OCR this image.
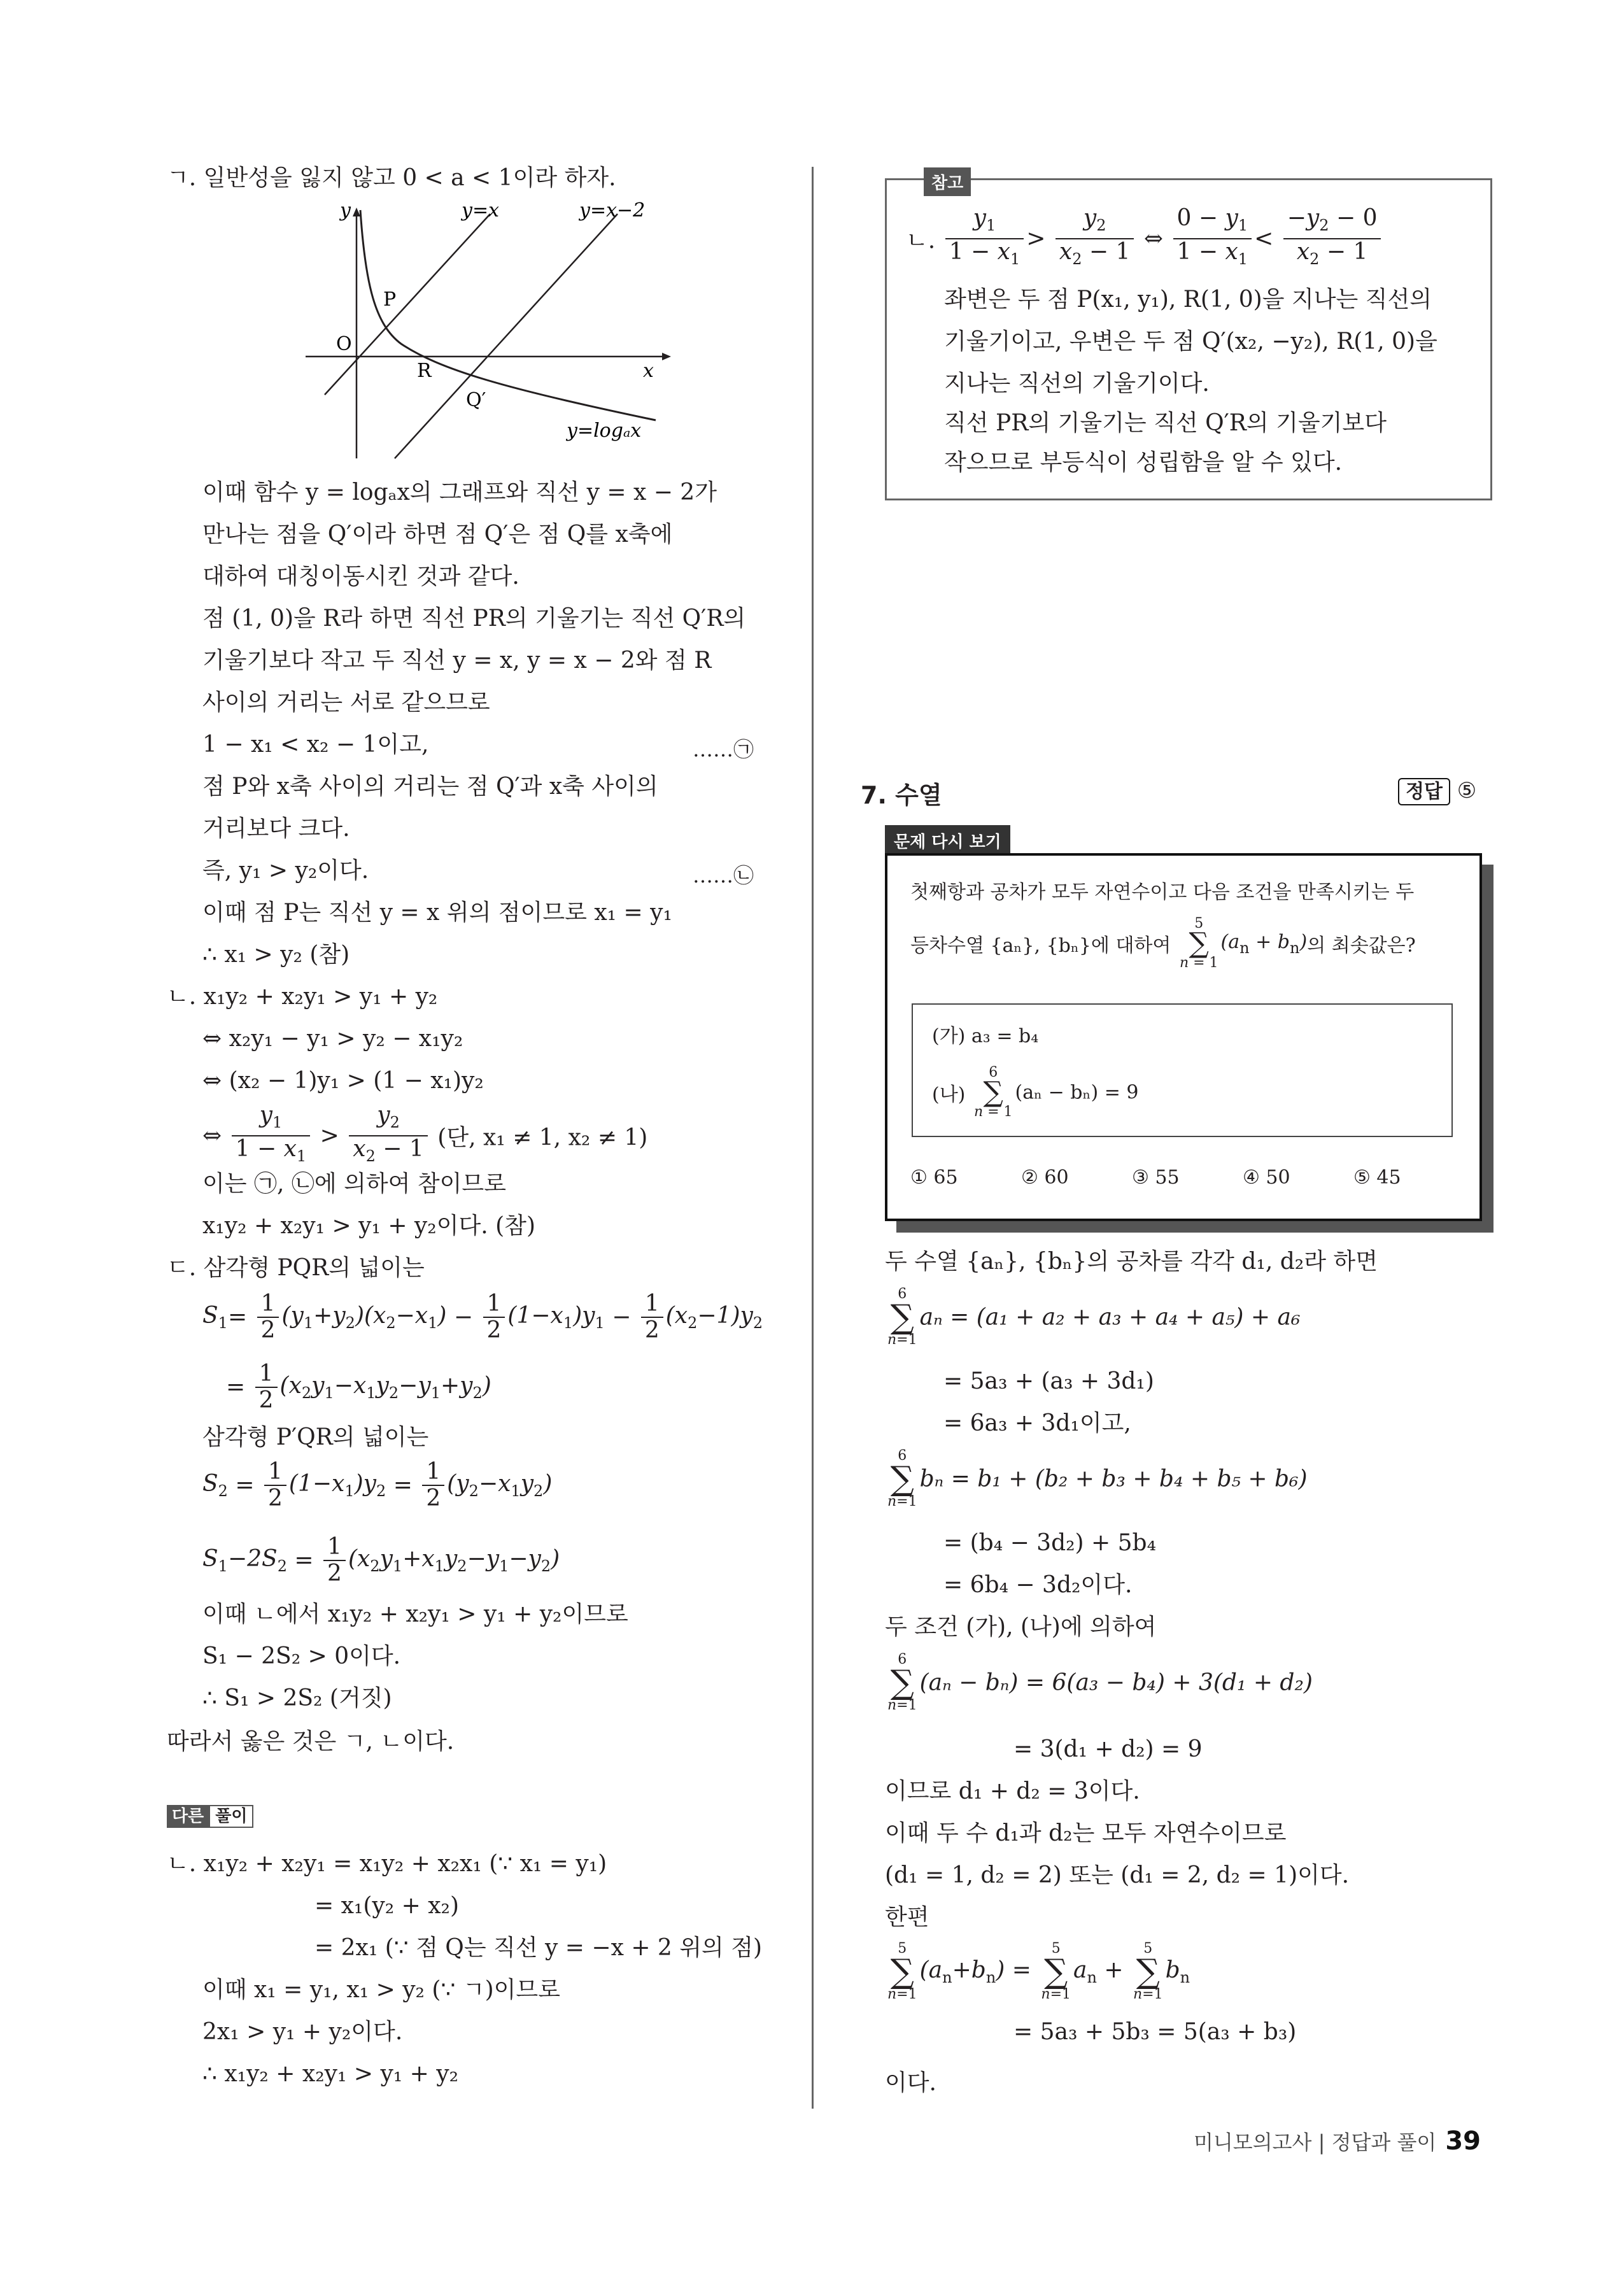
ㄱ. 일반성을 잃지 않고 0 < a < 1이라 하자.
y
x
O
y=x	y=x−2
P
R
Q′
y=logₐx
이때 함수 y = logₐx의 그래프와 직선 y = x − 2가
만나는 점을 Q′이라 하면 점 Q′은 점 Q를 x축에
대하여 대칭이동시킨 것과 같다.
점 (1, 0)을 R라 하면 직선 PR의 기울기는 직선 Q′R의
기울기보다 작고 두 직선 y = x, y = x − 2와 점 R
사이의 거리는 서로 같으므로
1 − x₁ < x₂ − 1이고,	……㉠
점 P와 x축 사이의 거리는 점 Q′과 x축 사이의
거리보다 크다.
즉, y₁ > y₂이다.	……㉡
이때 점 P는 직선 y = x 위의 점이므로 x₁ = y₁
∴ x₁ > y₂ (참)
ㄴ. x₁y₂ + x₂y₁ > y₁ + y₂
⇔ x₂y₁ − y₁ > y₂ − x₁y₂
⇔ (x₂ − 1)y₁ > (1 − x₁)y₂
⇔ $\frac{y_1}{1 - x_1} > \frac{y_2}{x_2 - 1}$ (단, x₁ ≠ 1, x₂ ≠ 1)
이는 ㉠, ㉡에 의하여 참이므로
x₁y₂ + x₂y₁ > y₁ + y₂이다. (참)
ㄷ. 삼각형 PQR의 넓이는
$S_1= \frac{1}{2} (y_1+y_2)(x_2-x_1) - \frac{1}{2} (1-x_1)y_1 - \frac{1}{2} (x_2-1)y_2$
= $\frac{1}{2} (x_2y_1-x_1y_2-y_1+y_2)$
삼각형 P′QR의 넓이는
$S_2 = \frac{1}{2} (1-x_1)y_2 = \frac{1}{2} (y_2-x_1y_2)$
$S_1-2S_2 = \frac{1}{2} (x_2y_1+x_1y_2-y_1-y_2)$
이때 ㄴ에서 x₁y₂ + x₂y₁ > y₁ + y₂이므로
S₁ − 2S₂ > 0이다.
∴ S₁ > 2S₂ (거짓)
따라서 옳은 것은 ㄱ, ㄴ이다.
다른 풀이
ㄴ. x₁y₂ + x₂y₁ = x₁y₂ + x₂x₁ (∵ x₁ = y₁)
= x₁(y₂ + x₂)
= 2x₁ (∵ 점 Q는 직선 y = −x + 2 위의 점)
이때 x₁ = y₁, x₁ > y₂ (∵ ㄱ)이므로
2x₁ > y₁ + y₂이다.
∴ x₁y₂ + x₂y₁ > y₁ + y₂
참고
ㄴ. $\frac{y_1}{1 - x_1} > \frac{y_2}{x_2 - 1}$ ⇔ $\frac{0 - y_1}{1 - x_1} < \frac{-y_2 - 0}{x_2 - 1}$
좌변은 두 점 P(x₁, y₁), R(1, 0)을 지나는 직선의
기울기이고, 우변은 두 점 Q′(x₂, −y₂), R(1, 0)을
지나는 직선의 기울기이다.
직선 PR의 기울기는 직선 Q′R의 기울기보다
작으므로 부등식이 성립함을 알 수 있다.
7. 수열	정답 ⑤
문제 다시 보기
첫째항과 공차가 모두 자연수이고 다음 조건을 만족시키는 두
등차수열 {aₙ}, {bₙ}에 대하여
5
∑
n = 1
$(a_n + b_n)$의 최솟값은?
(가) a₃ = b₄
(나)
6
∑
n = 1
(aₙ − bₙ) = 9
① 65	② 60	③ 55	④ 50	⑤ 45
두 수열 {aₙ}, {bₙ}의 공차를 각각 d₁, d₂라 하면
6
∑
n=1
aₙ = (a₁ + a₂ + a₃ + a₄ + a₅) + a₆
= 5a₃ + (a₃ + 3d₁)
= 6a₃ + 3d₁이고,
6
∑
n=1
bₙ = b₁ + (b₂ + b₃ + b₄ + b₅ + b₆)
= (b₄ − 3d₂) + 5b₄
= 6b₄ − 3d₂이다.
두 조건 (가), (나)에 의하여
6
∑
n=1
(aₙ − bₙ) = 6(a₃ − b₄) + 3(d₁ + d₂)
= 3(d₁ + d₂) = 9
이므로 d₁ + d₂ = 3이다.
이때 두 수 d₁과 d₂는 모두 자연수이므로
(d₁ = 1, d₂ = 2) 또는 (d₁ = 2, d₂ = 1)이다.
한편
5
∑
n=1
$(a_n+b_n)$ =
5
∑
n=1
$a_n$ +
5
∑
n=1
$b_n$
= 5a₃ + 5b₃ = 5(a₃ + b₃)
이다.
미니모의고사 | 정답과 풀이 39
